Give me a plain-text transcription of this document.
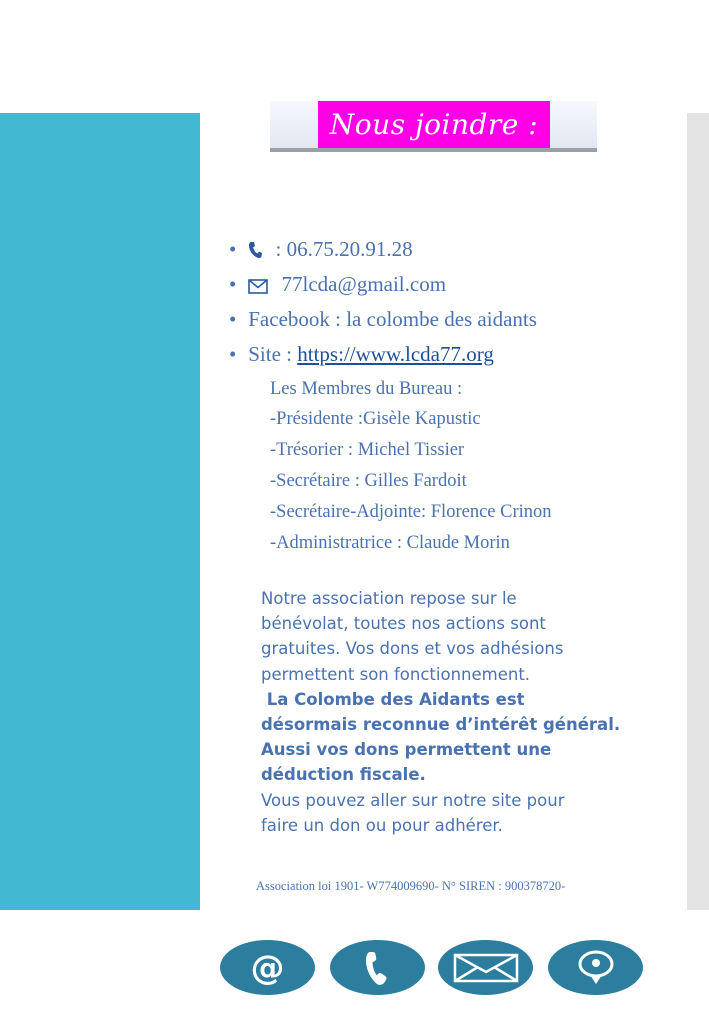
Nous joindre :
• : 06.75.20.91.28
• 77lcda@gmail.com
• Facebook : la colombe des aidants
• Site : https://www.lcda77.org
Les Membres du Bureau :
-Présidente :Gisèle Kapustic
-Trésorier : Michel Tissier
-Secrétaire : Gilles Fardoit
-Secrétaire-Adjointe: Florence Crinon
-Administratrice : Claude Morin
Notre association repose sur le
bénévolat, toutes nos actions sont
gratuites. Vos dons et vos adhésions
permettent son fonctionnement.
La Colombe des Aidants est
désormais reconnue d’intérêt général.
Aussi vos dons permettent une
déduction fiscale.
Vous pouvez aller sur notre site pour
faire un don ou pour adhérer.
Association loi 1901- W774009690- N° SIREN : 900378720-
@
